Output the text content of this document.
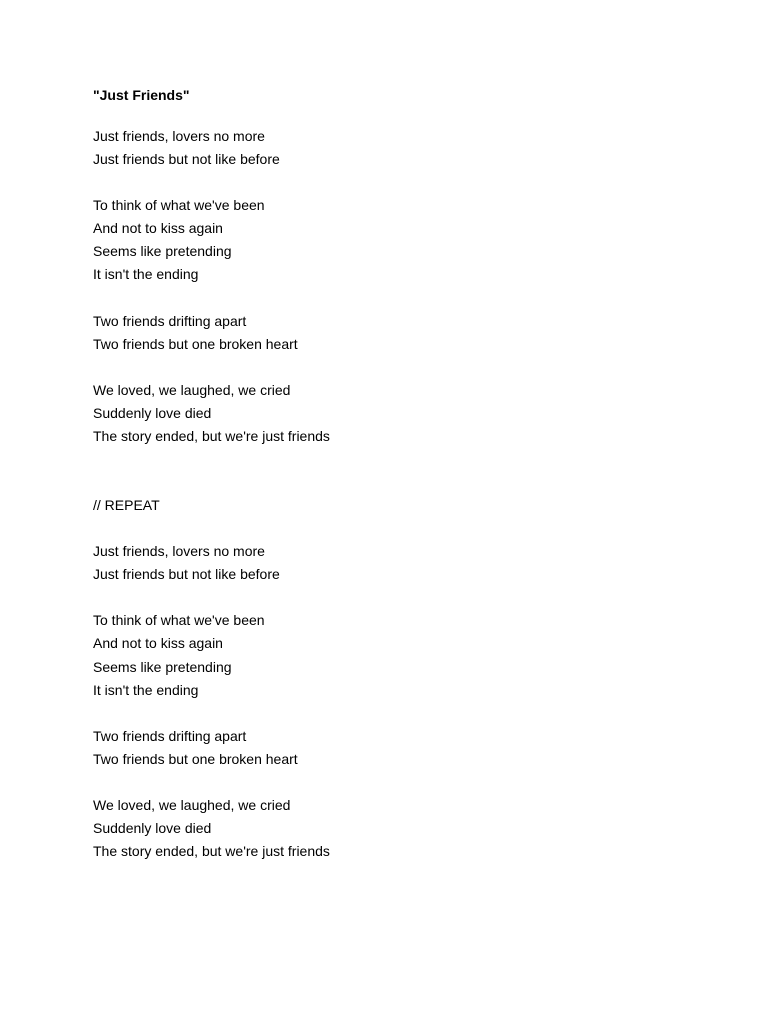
"Just Friends"
Just friends, lovers no more
Just friends but not like before
To think of what we've been
And not to kiss again
Seems like pretending
It isn't the ending
Two friends drifting apart
Two friends but one broken heart
We loved, we laughed, we cried
Suddenly love died
The story ended, but we're just friends
// REPEAT
Just friends, lovers no more
Just friends but not like before
To think of what we've been
And not to kiss again
Seems like pretending
It isn't the ending
Two friends drifting apart
Two friends but one broken heart
We loved, we laughed, we cried
Suddenly love died
The story ended, but we're just friends
